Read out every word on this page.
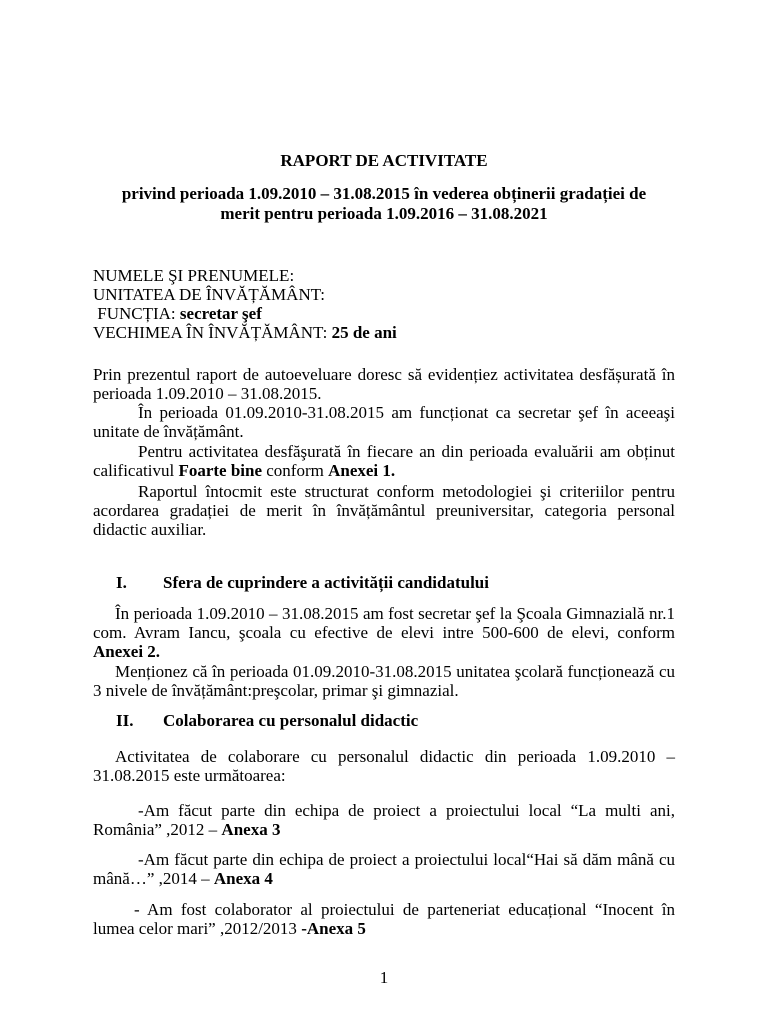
RAPORT DE ACTIVITATE
privind perioada 1.09.2010 – 31.08.2015 în vederea obținerii gradației de
merit pentru perioada 1.09.2016 – 31.08.2021
NUMELE ŞI PRENUMELE:
UNITATEA DE ÎNVĂȚĂMÂNT:
FUNCȚIA: secretar şef
VECHIMEA ÎN ÎNVĂȚĂMÂNT: 25 de ani
Prin prezentul raport de autoeveluare doresc să evidențiez activitatea desfășurată în perioada 1.09.2010 – 31.08.2015.
În perioada 01.09.2010-31.08.2015 am funcționat ca secretar şef în aceeaşi unitate de învățământ.
Pentru activitatea desfăşurată în fiecare an din perioada evaluării am obținut calificativul Foarte bine conform Anexei 1.
Raportul întocmit este structurat conform metodologiei şi criteriilor pentru acordarea gradației de merit în învățământul preuniversitar, categoria personal didactic auxiliar.
I. Sfera de cuprindere a activității candidatului
În perioada 1.09.2010 – 31.08.2015 am fost secretar şef la Şcoala Gimnazială nr.1 com. Avram Iancu, şcoala cu efective de elevi intre 500-600 de elevi, conform Anexei 2.
Menționez că în perioada 01.09.2010-31.08.2015 unitatea şcolară funcționează cu 3 nivele de învățământ:preşcolar, primar şi gimnazial.
II. Colaborarea cu personalul didactic
Activitatea de colaborare cu personalul didactic din perioada 1.09.2010 – 31.08.2015 este următoarea:
-Am făcut parte din echipa de proiect a proiectului local “La multi ani, România” ,2012 – Anexa 3
-Am făcut parte din echipa de proiect a proiectului local“Hai să dăm mână cu mână…” ,2014 – Anexa 4
- Am fost colaborator al proiectului de parteneriat educațional “Inocent în lumea celor mari” ,2012/2013 -Anexa 5
1
